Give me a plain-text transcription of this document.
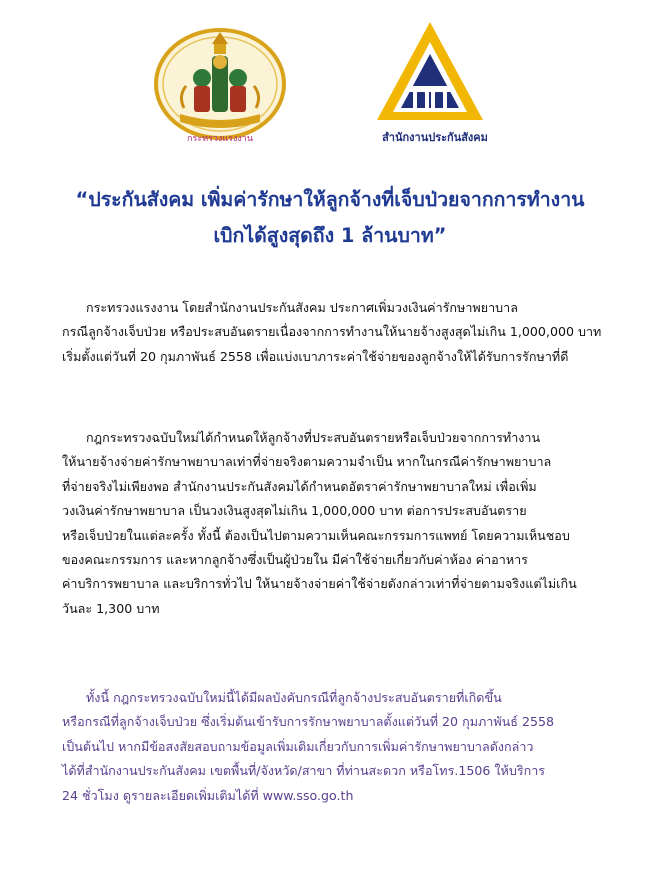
กระทรวงแรงงาน	สำนักงานประกันสังคม
“ประกันสังคม เพิ่มค่ารักษาให้ลูกจ้างที่เจ็บป่วยจากการทำงาน
เบิกได้สูงสุดถึง 1 ล้านบาท”
กระทรวงแรงงาน โดยสำนักงานประกันสังคม ประกาศเพิ่มวงเงินค่ารักษาพยาบาล
กรณีลูกจ้างเจ็บป่วย หรือประสบอันตรายเนื่องจากการทำงานให้นายจ้างสูงสุดไม่เกิน 1,000,000 บาท
เริ่มตั้งแต่วันที่ 20 กุมภาพันธ์ 2558 เพื่อแบ่งเบาภาระค่าใช้จ่ายของลูกจ้างให้ได้รับการรักษาที่ดี
กฎกระทรวงฉบับใหม่ได้กำหนดให้ลูกจ้างที่ประสบอันตรายหรือเจ็บป่วยจากการทำงาน
ให้นายจ้างจ่ายค่ารักษาพยาบาลเท่าที่จ่ายจริงตามความจำเป็น หากในกรณีค่ารักษาพยาบาล
ที่จ่ายจริงไม่เพียงพอ สำนักงานประกันสังคมได้กำหนดอัตราค่ารักษาพยาบาลใหม่ เพื่อเพิ่ม
วงเงินค่ารักษาพยาบาล เป็นวงเงินสูงสุดไม่เกิน 1,000,000 บาท ต่อการประสบอันตราย
หรือเจ็บป่วยในแต่ละครั้ง ทั้งนี้ ต้องเป็นไปตามความเห็นคณะกรรมการแพทย์ โดยความเห็นชอบ
ของคณะกรรมการ และหากลูกจ้างซึ่งเป็นผู้ป่วยใน มีค่าใช้จ่ายเกี่ยวกับค่าห้อง ค่าอาหาร
ค่าบริการพยาบาล และบริการทั่วไป ให้นายจ้างจ่ายค่าใช้จ่ายดังกล่าวเท่าที่จ่ายตามจริงแต่ไม่เกิน
วันละ 1,300 บาท
ทั้งนี้ กฎกระทรวงฉบับใหม่นี้ได้มีผลบังคับกรณีที่ลูกจ้างประสบอันตรายที่เกิดขึ้น
หรือกรณีที่ลูกจ้างเจ็บป่วย ซึ่งเริ่มต้นเข้ารับการรักษาพยาบาลตั้งแต่วันที่ 20 กุมภาพันธ์ 2558
เป็นต้นไป หากมีข้อสงสัยสอบถามข้อมูลเพิ่มเติมเกี่ยวกับการเพิ่มค่ารักษาพยาบาลดังกล่าว
ได้ที่สำนักงานประกันสังคม เขตพื้นที่/จังหวัด/สาขา ที่ท่านสะดวก หรือโทร.1506 ให้บริการ
24 ชั่วโมง ดูรายละเอียดเพิ่มเติมได้ที่ www.sso.go.th
